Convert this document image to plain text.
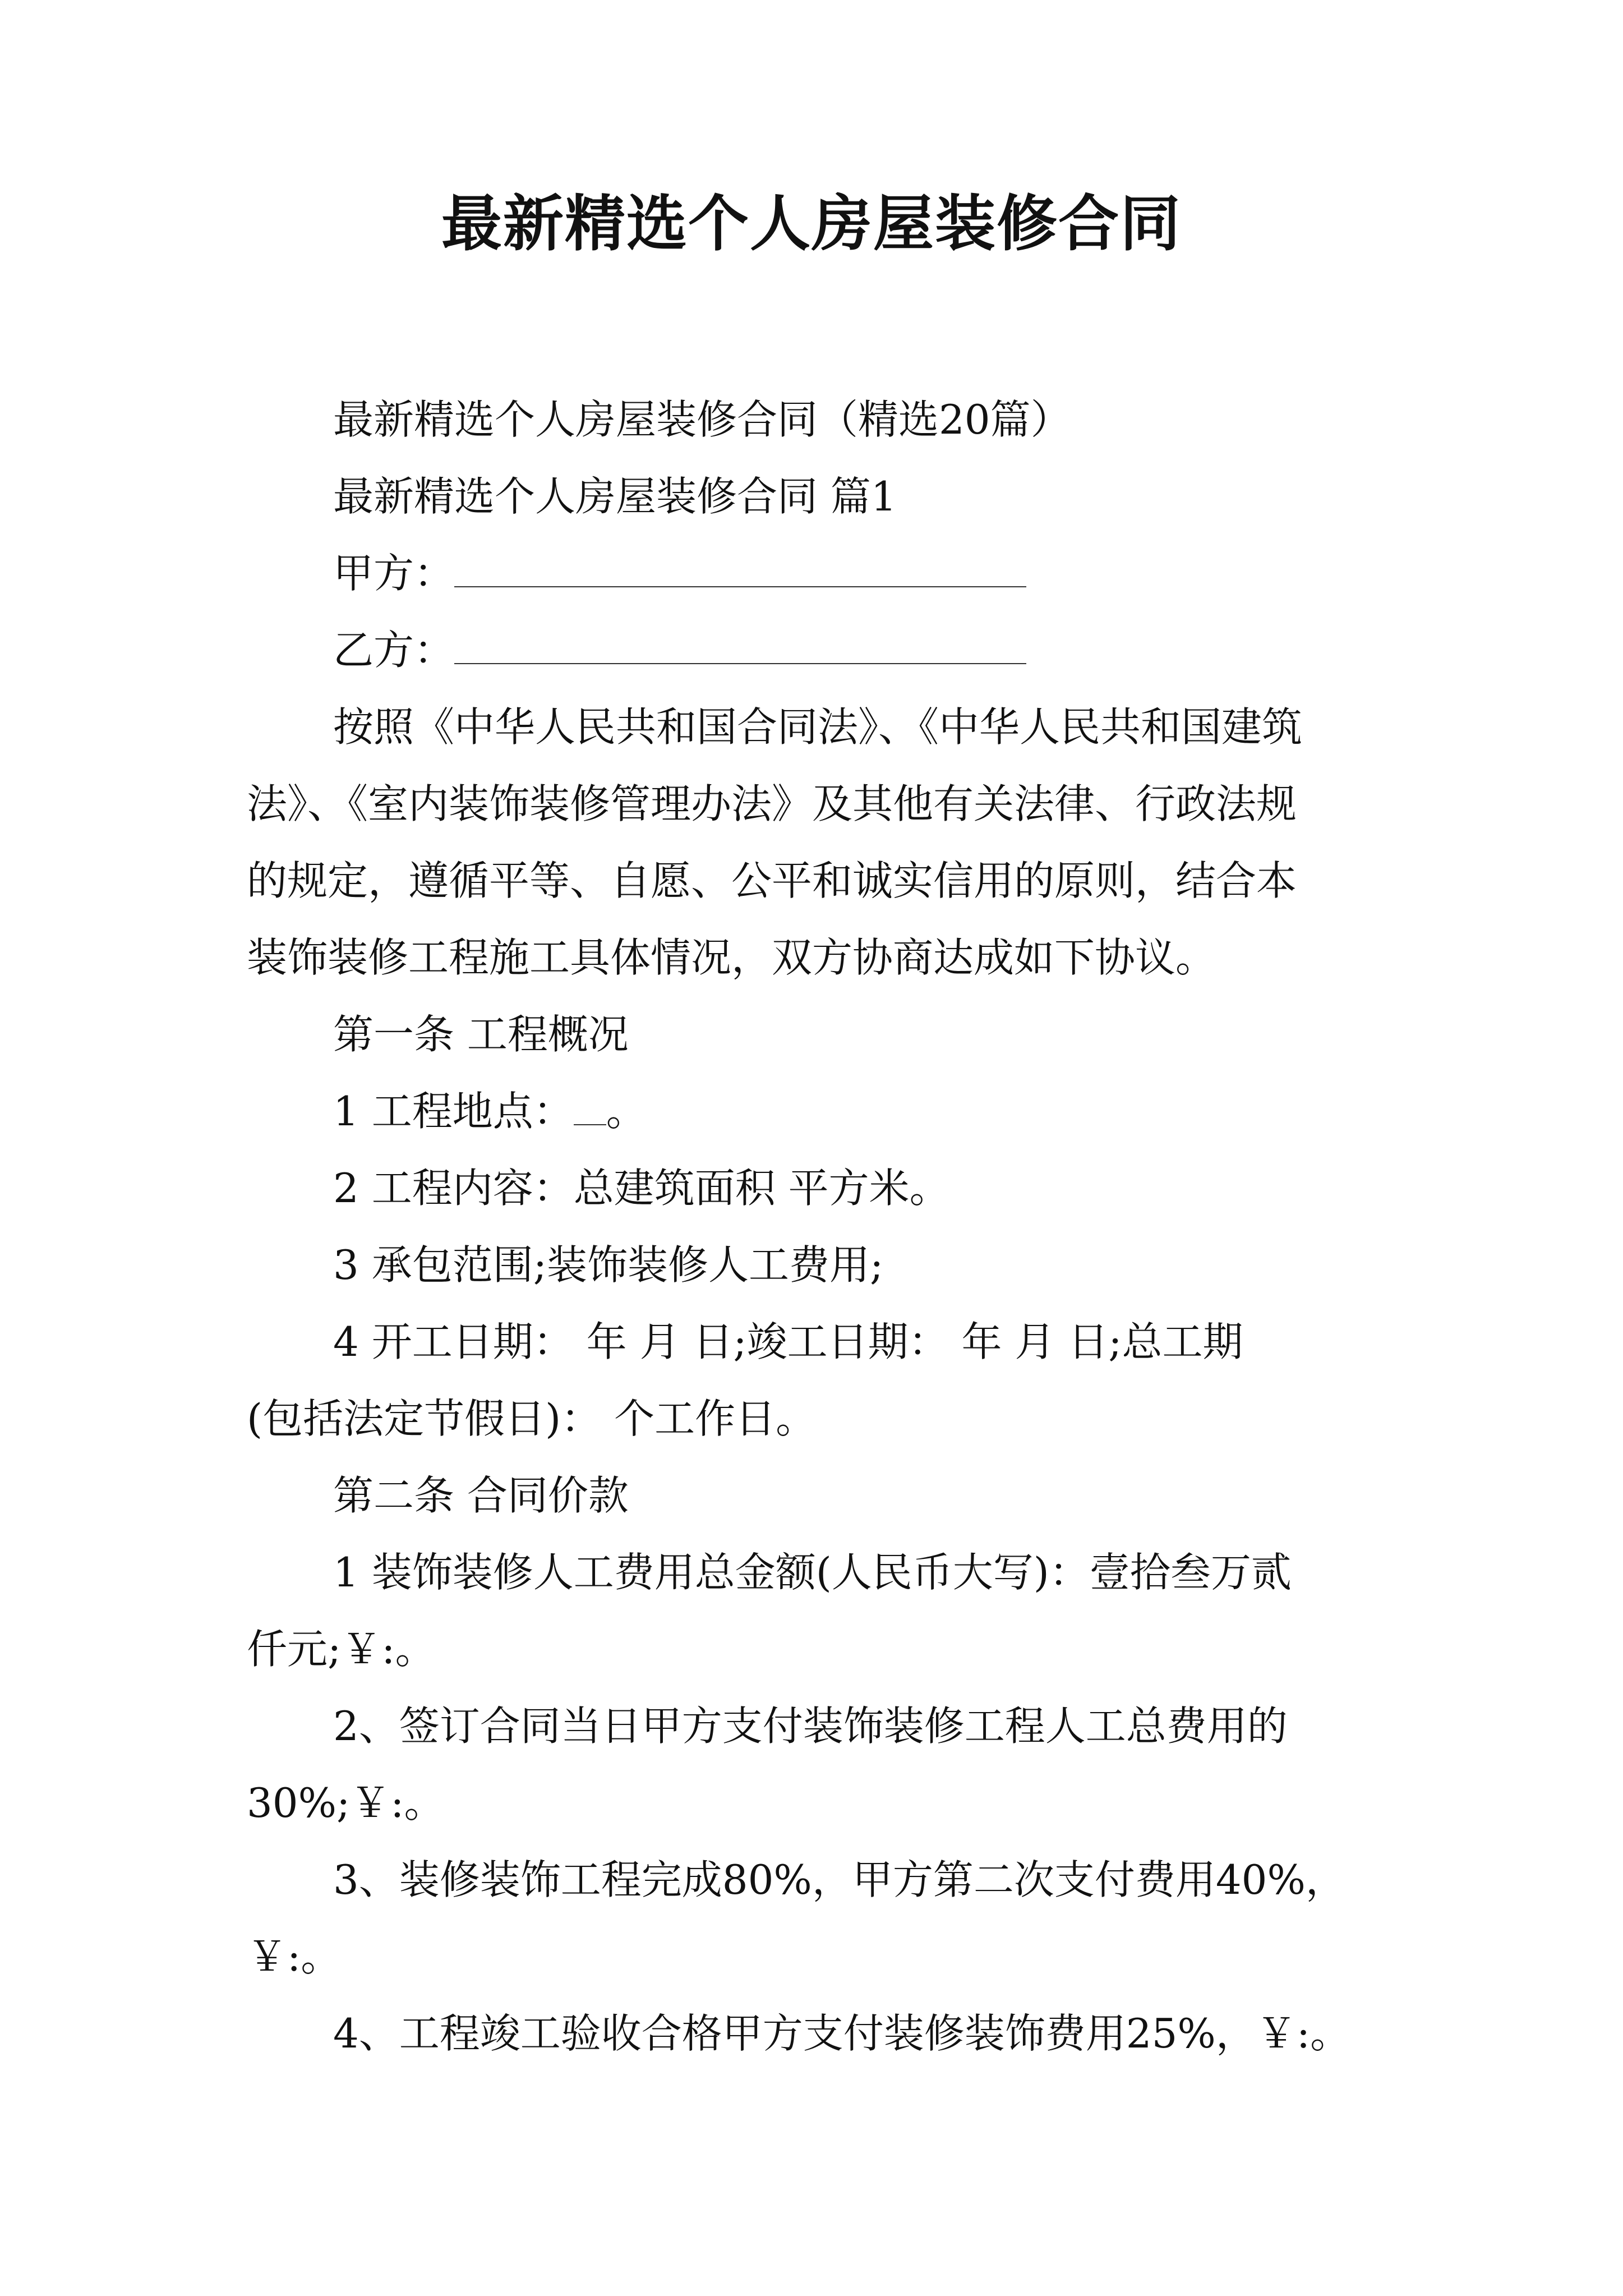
最新精选个人房屋装修合同

最新精选个人房屋装修合同（精选20篇）

最新精选个人房屋装修合同 篇1

甲方：

乙方：

按照《中华人民共和国合同法》、《中华人民共和国建筑

法》、《室内装饰装修管理办法》及其他有关法律、行政法规

的规定，遵循平等、自愿、公平和诚实信用的原则，结合本

装饰装修工程施工具体情况，双方协商达成如下协议。

第一条 工程概况

1 工程地点： 。

2 工程内容：总建筑面积 平方米。

3 承包范围;装饰装修人工费用;

4 开工日期： 年 月 日;竣工日期： 年 月 日;总工期

(包括法定节假日)： 个工作日。

第二条 合同价款

1 装饰装修人工费用总金额(人民币大写)：壹拾叁万贰

仟元;￥:。

2、签订合同当日甲方支付装饰装修工程人工总费用的

30%;￥:。

3、装修装饰工程完成80%，甲方第二次支付费用40%，

￥:。

4、工程竣工验收合格甲方支付装修装饰费用25%，￥:。
